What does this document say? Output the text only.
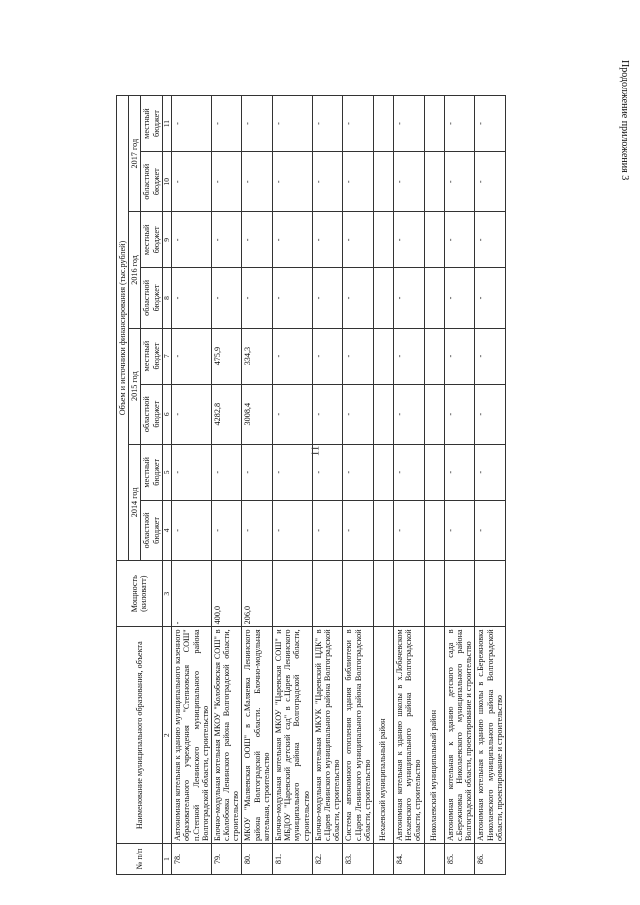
11
Продолжение приложения 3
№ п/п	Наименование муниципального образования, объекта	Мощность (киловатт)	Объем и источники финансирования (тыс.рублей)							
			2014 год		2015 год		2016 год		2017 год	
			областной бюджет	местный бюджет	областной бюджет	местный бюджет	областной бюджет	местный бюджет	областной бюджет	местный бюджет
1	2	3	4	5	6	7	8	9	10	11
78.	Автономная котельная к зданию муниципального казенного образовательного учреждения "Степновская СОШ" п.Степной Ленинского муниципального района Волгоградской области, строительство	-	-	-	-	-	-	-	-	-
79.	Блочно-модульная котельная МКОУ "Колобовская СОШ" в с.Колобовка Ленинского района Волгоградской области, строительство	400,0	-	-	4282,8	475,9	-	-	-	-
80.	МКОУ "Маляевская ООШ" в с.Маляевка Ленинского района Волгоградской области. Блочно-модульная котельная, строительство	206,0	-	-	3008,4	334,3	-	-	-	-
81.	Блочно-модульная котельная МКОУ "Царевская СОШ" и МБДОУ "Царевский детский сад" в с.Царев Ленинского муниципального района Волгоградской области, строительство		-	-	-	-	-	-	-	-
82.	Блочно-модульная котельная МКУК "Царевский ЦДК" в с.Царев Ленинского муниципального района Волгоградской области, строительство		-	-	-	-	-	-	-	-
83.	Система автономного отопления здания библиотеки в с.Царев Ленинского муниципального района Волгоградской области, строительство		-	-	-	-	-	-	-	-
	Нехаевский муниципальный район									
84.	Автономная котельная к зданию школы в х.Лобачевском Нехаевского муниципального района Волгоградской области, строительство		-	-	-	-	-	-	-	-
	Николаевский муниципальный район									
85.	Автономная котельная к зданию детского сада в с.Бережновка Николаевского муниципального района Волгоградской области, проектирование и строительство		-	-	-	-	-	-	-	-
86.	Автономная котельная к зданию школы в с.Бережновка Николаевского муниципального района Волгоградской области, проектирование и строительство		-	-	-	-	-	-	-	-
